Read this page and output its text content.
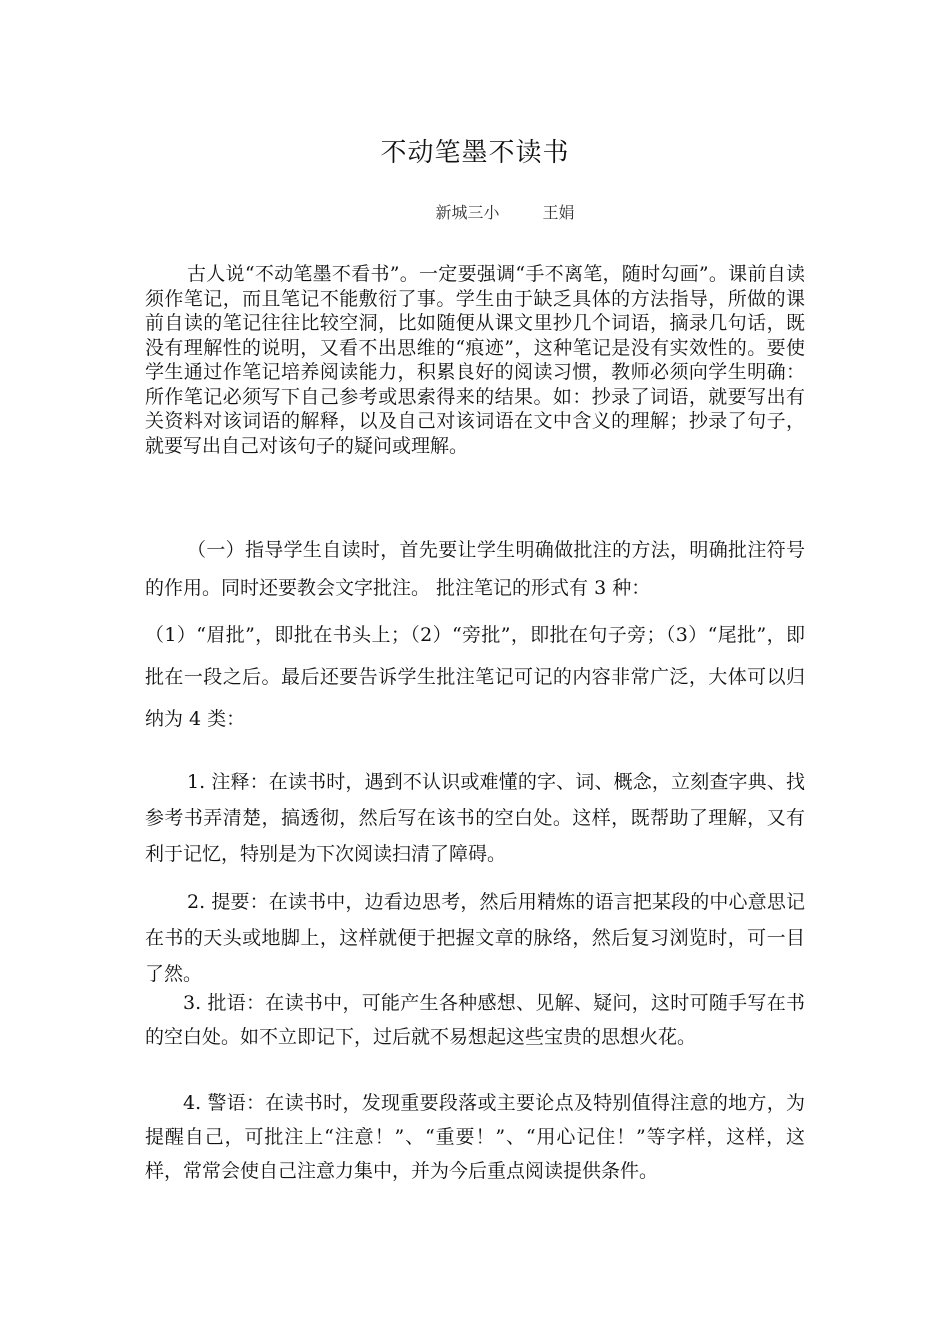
不动笔墨不读书
新城三小	王娟

古人说“不动笔墨不看书”。一定要强调“手不离笔，随时勾画”。课前自读须作笔记，而且笔记不能敷衍了事。学生由于缺乏具体的方法指导，所做的课前自读的笔记往往比较空洞，比如随便从课文里抄几个词语，摘录几句话，既没有理解性的说明，又看不出思维的“痕迹”，这种笔记是没有实效性的。要使学生通过作笔记培养阅读能力，积累良好的阅读习惯，教师必须向学生明确：所作笔记必须写下自己参考或思索得来的结果。如：抄录了词语，就要写出有关资料对该词语的解释，以及自己对该词语在文中含义的理解；抄录了句子，就要写出自己对该句子的疑问或理解。

（一）指导学生自读时，首先要让学生明确做批注的方法，明确批注符号的作用。同时还要教会文字批注。 批注笔记的形式有 3 种：

（1）“眉批”，即批在书头上；（2）“旁批”，即批在句子旁；（3）“尾批”，即批在一段之后。最后还要告诉学生批注笔记可记的内容非常广泛，大体可以归纳为 4 类：

1. 注释：在读书时，遇到不认识或难懂的字、词、概念，立刻查字典、找参考书弄清楚，搞透彻，然后写在该书的空白处。这样，既帮助了理解，又有利于记忆，特别是为下次阅读扫清了障碍。

2. 提要：在读书中，边看边思考，然后用精炼的语言把某段的中心意思记在书的天头或地脚上，这样就便于把握文章的脉络，然后复习浏览时，可一目了然。

3. 批语：在读书中，可能产生各种感想、见解、疑问，这时可随手写在书的空白处。如不立即记下，过后就不易想起这些宝贵的思想火花。

4. 警语：在读书时，发现重要段落或主要论点及特别值得注意的地方，为提醒自己，可批注上“注意！”、“重要！”、“用心记住！”等字样，这样，这样，常常会使自己注意力集中，并为今后重点阅读提供条件。
